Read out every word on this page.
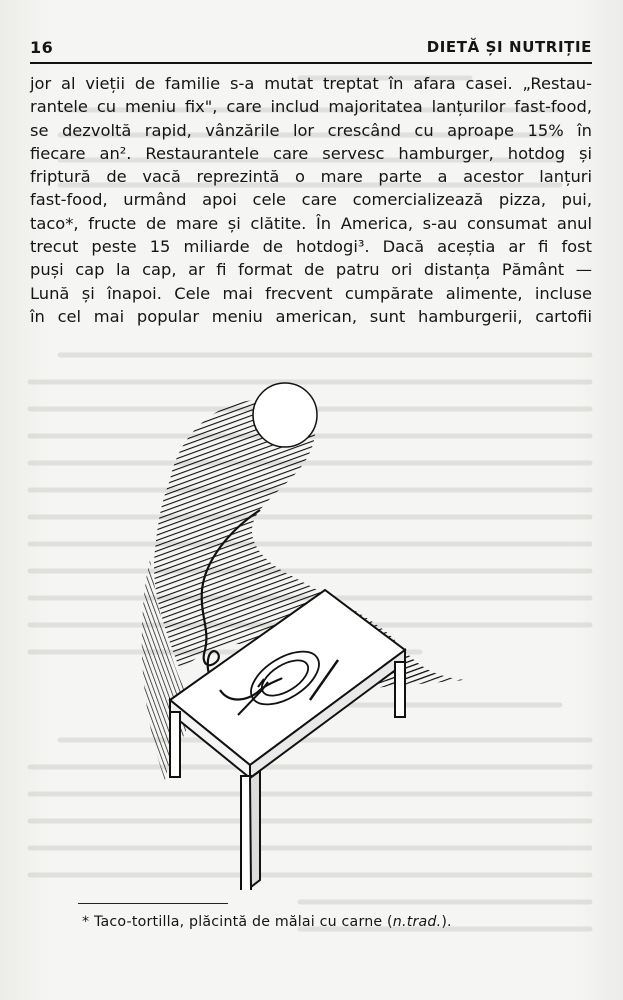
16	DIETĂ ȘI NUTRIȚIE

jor al vieții de familie s-a mutat treptat în afara casei. „Restau-
rantele cu meniu fix", care includ majoritatea lanțurilor fast-food,
se dezvoltă rapid, vânzările lor crescând cu aproape 15% în
fiecare an². Restaurantele care servesc hamburger, hotdog și
friptură de vacă reprezintă o mare parte a acestor lanțuri
fast-food, urmând apoi cele care comercializează pizza, pui,
taco*, fructe de mare și clătite. În America, s-au consumat anul
trecut peste 15 miliarde de hotdogi³. Dacă aceștia ar fi fost
puși cap la cap, ar fi format de patru ori distanța Pământ —
Lună și înapoi. Cele mai frecvent cumpărate alimente, incluse
în cel mai popular meniu american, sunt hamburgerii, cartofii

* Taco-tortilla, plăcintă de mălai cu carne (n.trad.).
